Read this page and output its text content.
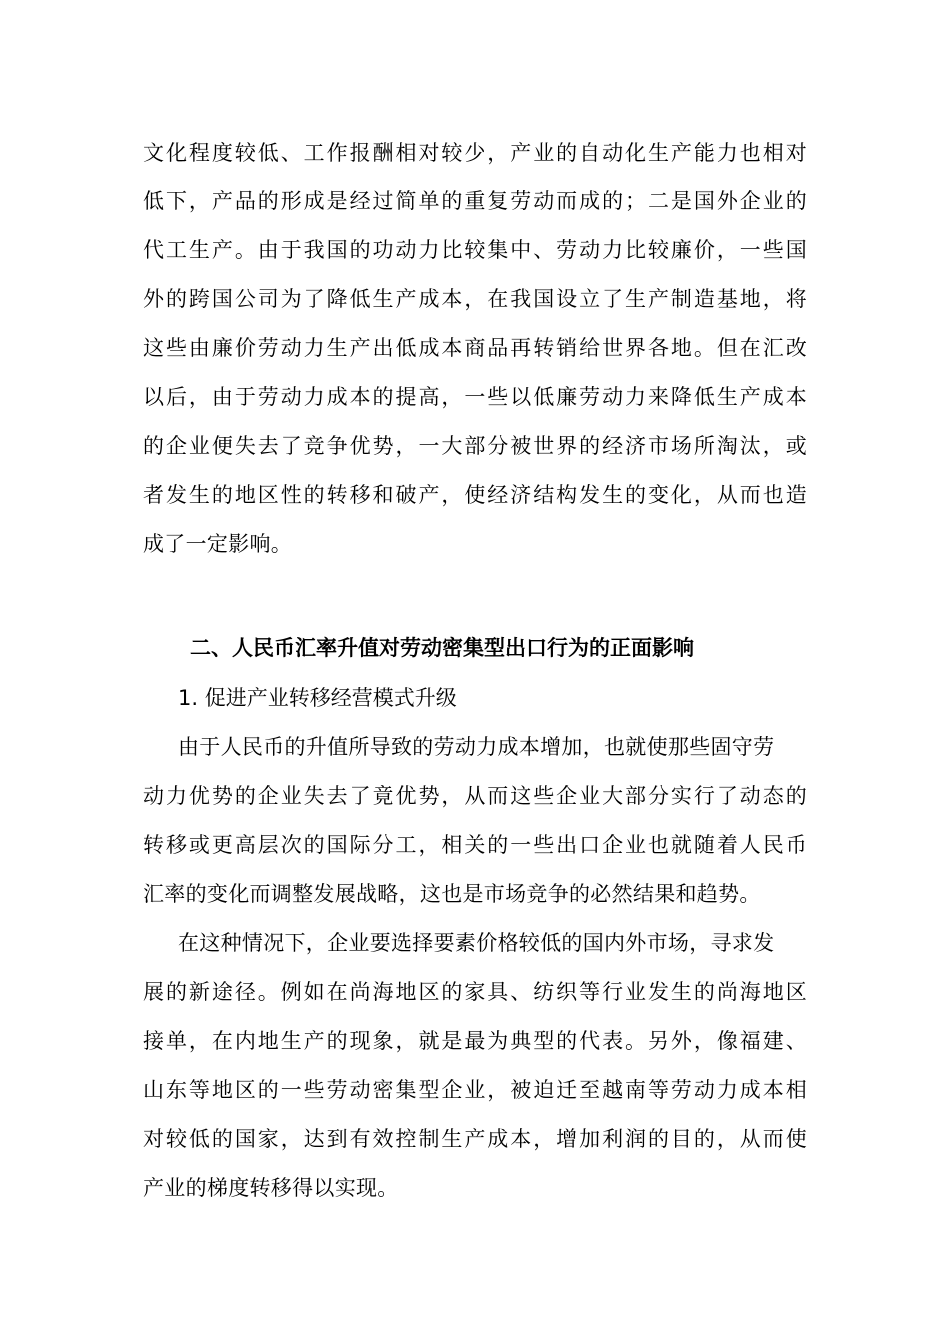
文化程度较低、工作报酬相对较少，产业的自动化生产能力也相对
低下，产品的形成是经过简单的重复劳动而成的；二是国外企业的
代工生产。由于我国的功动力比较集中、劳动力比较廉价，一些国
外的跨国公司为了降低生产成本，在我国设立了生产制造基地，将
这些由廉价劳动力生产出低成本商品再转销给世界各地。但在汇改
以后，由于劳动力成本的提高，一些以低廉劳动力来降低生产成本
的企业便失去了竞争优势，一大部分被世界的经济市场所淘汰，或
者发生的地区性的转移和破产，使经济结构发生的变化，从而也造
成了一定影响。
二、人民币汇率升值对劳动密集型出口行为的正面影响
1. 促进产业转移经营模式升级
由于人民币的升值所导致的劳动力成本增加，也就使那些固守劳
动力优势的企业失去了竟优势，从而这些企业大部分实行了动态的
转移或更高层次的国际分工，相关的一些出口企业也就随着人民币
汇率的变化而调整发展战略，这也是市场竞争的必然结果和趋势。
在这种情况下，企业要选择要素价格较低的国内外市场，寻求发
展的新途径。例如在尚海地区的家具、纺织等行业发生的尚海地区
接单，在内地生产的现象，就是最为典型的代表。另外，像福建、
山东等地区的一些劳动密集型企业，被迫迁至越南等劳动力成本相
对较低的国家，达到有效控制生产成本，增加利润的目的，从而使
产业的梯度转移得以实现。
